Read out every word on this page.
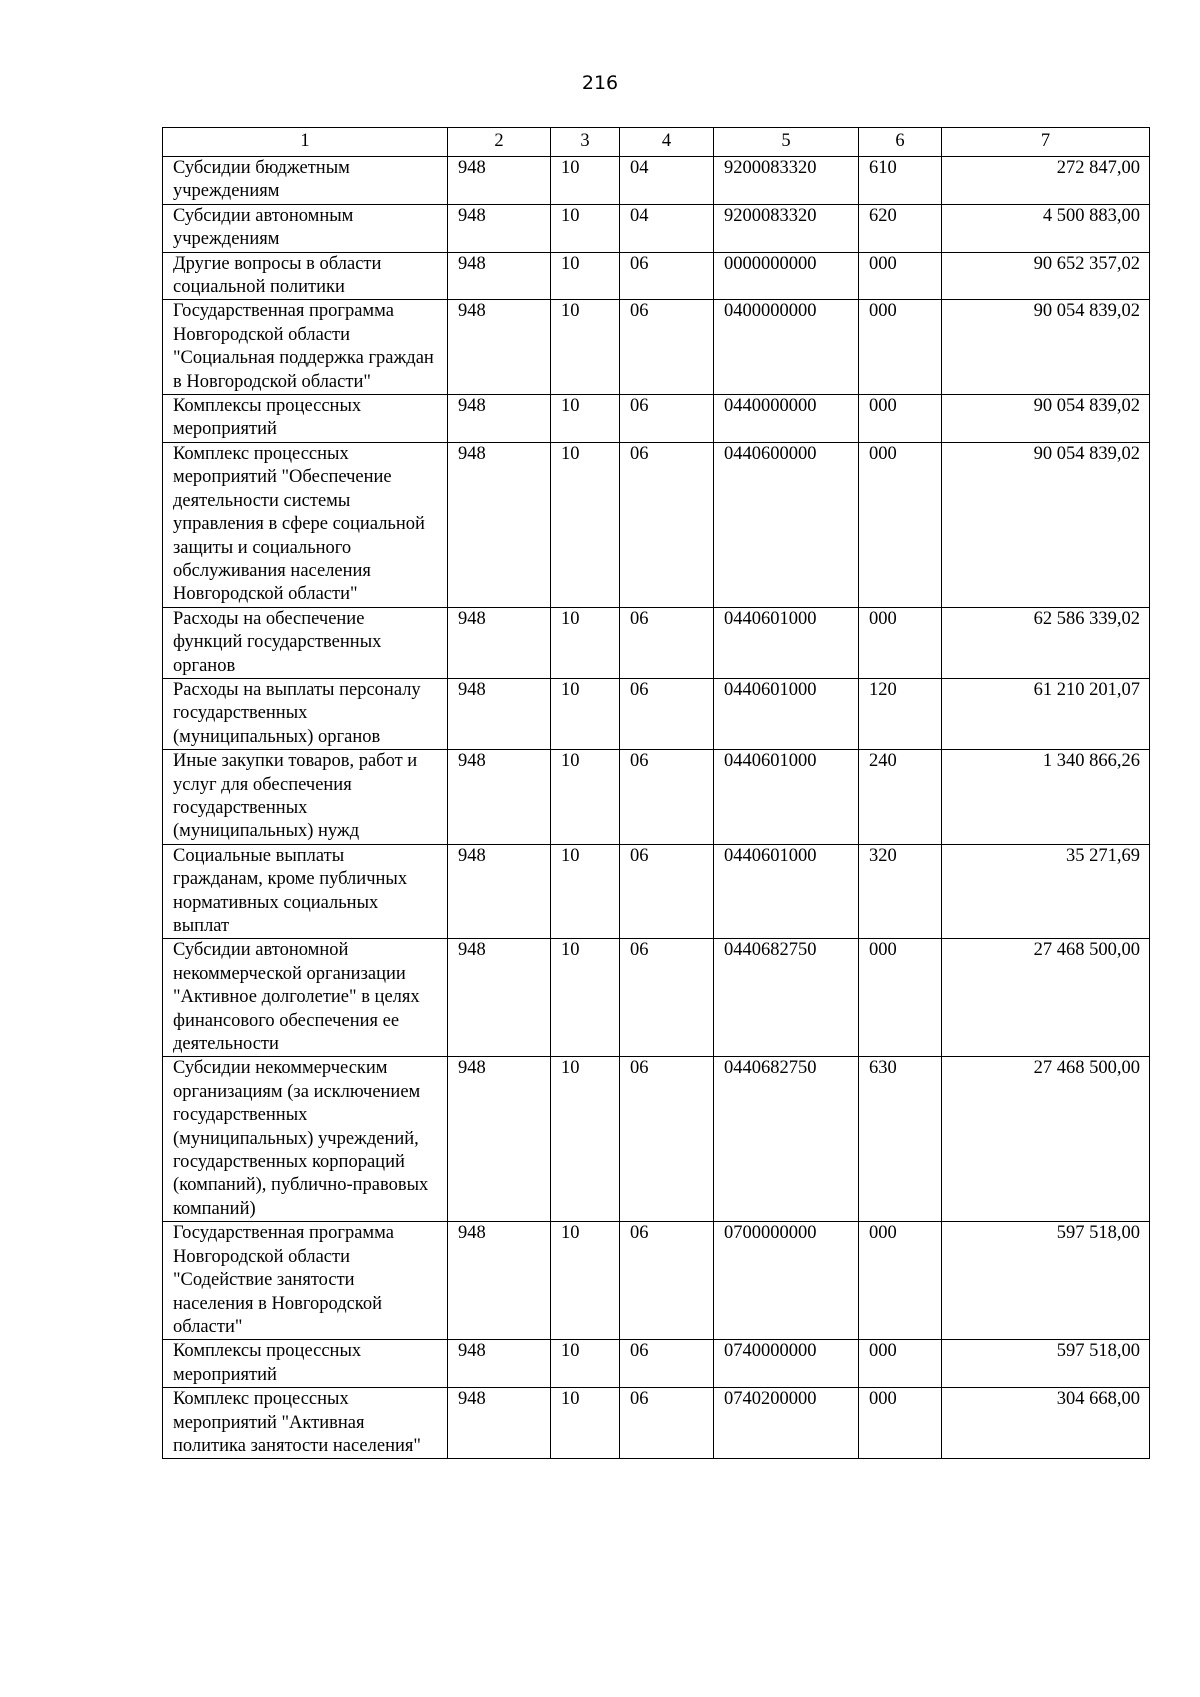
216
1	2	3	4	5	6	7
Субсидии бюджетным учреждениям	948	10	04	9200083320	610	272 847,00
Субсидии автономным учреждениям	948	10	04	9200083320	620	4 500 883,00
Другие вопросы в области социальной политики	948	10	06	0000000000	000	90 652 357,02
Государственная программа Новгородской области "Социальная поддержка граждан в Новгородской области"	948	10	06	0400000000	000	90 054 839,02
Комплексы процессных мероприятий	948	10	06	0440000000	000	90 054 839,02
Комплекс процессных мероприятий "Обеспечение деятельности системы управления в сфере социальной защиты и социального обслуживания населения Новгородской области"	948	10	06	0440600000	000	90 054 839,02
Расходы на обеспечение функций государственных органов	948	10	06	0440601000	000	62 586 339,02
Расходы на выплаты персоналу государственных (муниципальных) органов	948	10	06	0440601000	120	61 210 201,07
Иные закупки товаров, работ и услуг для обеспечения государственных (муниципальных) нужд	948	10	06	0440601000	240	1 340 866,26
Социальные выплаты гражданам, кроме публичных нормативных социальных выплат	948	10	06	0440601000	320	35 271,69
Субсидии автономной некоммерческой организации "Активное долголетие" в целях финансового обеспечения ее деятельности	948	10	06	0440682750	000	27 468 500,00
Субсидии некоммерческим организациям (за исключением государственных (муниципальных) учреждений, государственных корпораций (компаний), публично-правовых компаний)	948	10	06	0440682750	630	27 468 500,00
Государственная программа Новгородской области "Содействие занятости населения в Новгородской области"	948	10	06	0700000000	000	597 518,00
Комплексы процессных мероприятий	948	10	06	0740000000	000	597 518,00
Комплекс процессных мероприятий "Активная политика занятости населения"	948	10	06	0740200000	000	304 668,00
